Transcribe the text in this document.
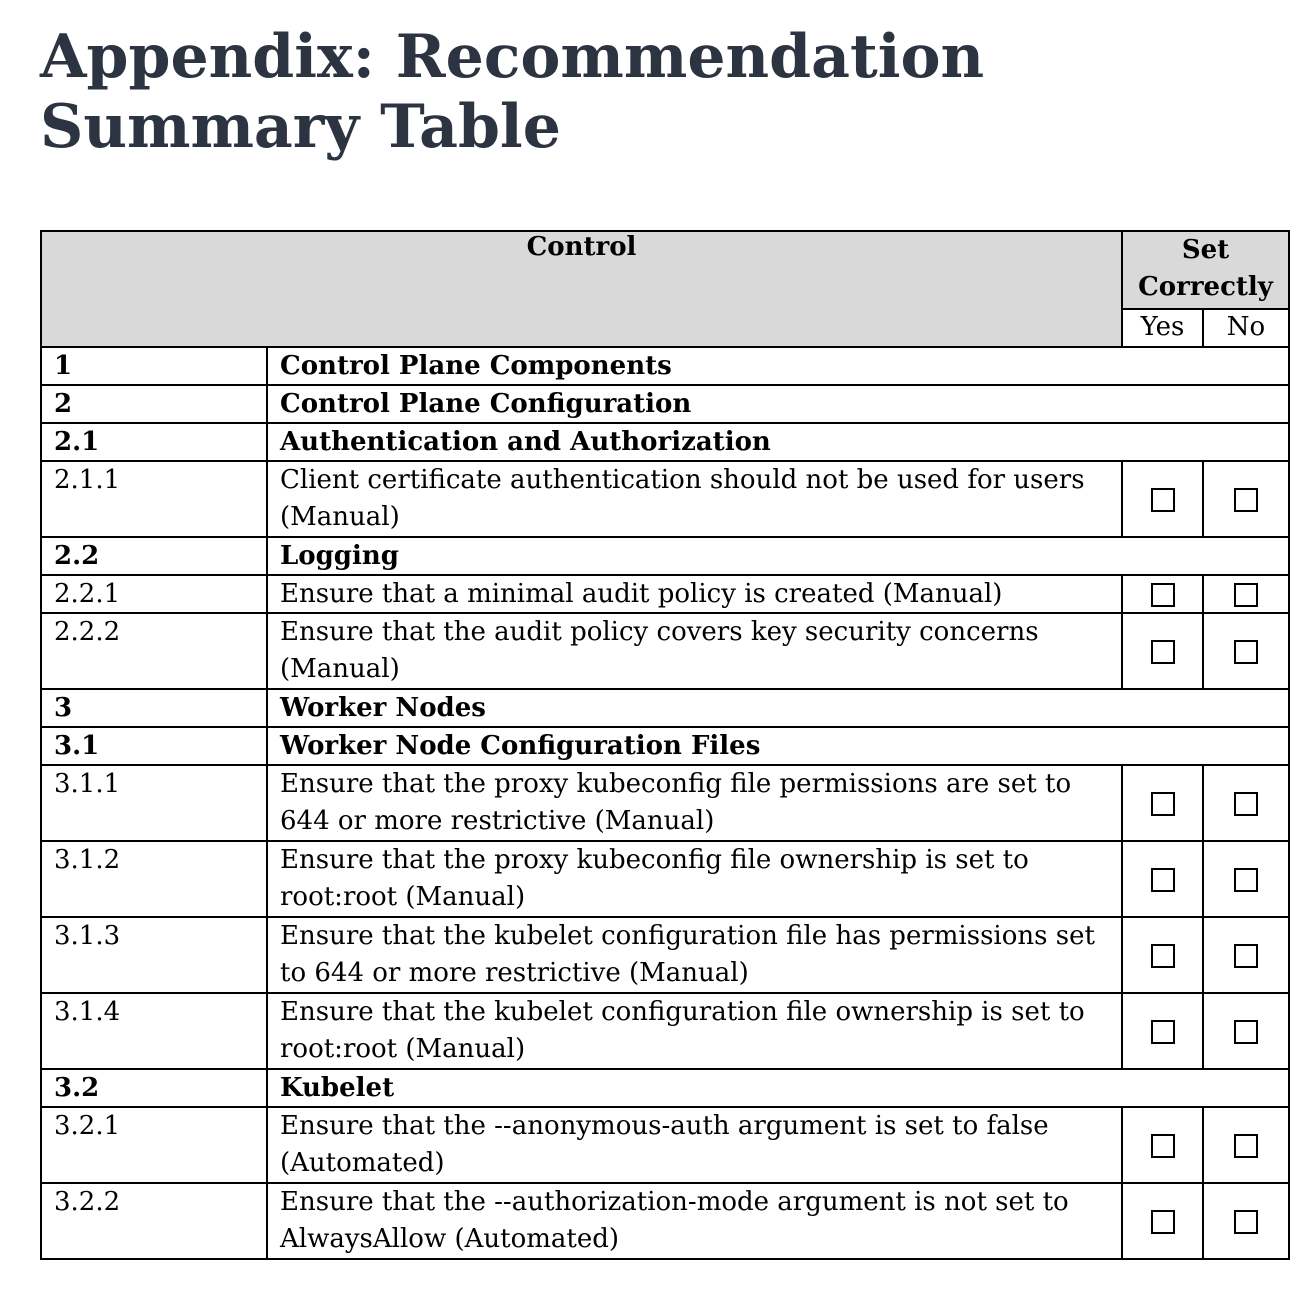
Appendix: Recommendation Summary Table
Control		Set Correctly	
		Yes	No
1	Control Plane Components		
2	Control Plane Configuration		
2.1	Authentication and Authorization		
2.1.1	Client certificate authentication should not be used for users (Manual)		
2.2	Logging		
2.2.1	Ensure that a minimal audit policy is created (Manual)		
2.2.2	Ensure that the audit policy covers key security concerns (Manual)		
3	Worker Nodes		
3.1	Worker Node Configuration Files		
3.1.1	Ensure that the proxy kubeconfig file permissions are set to 644 or more restrictive (Manual)		
3.1.2	Ensure that the proxy kubeconfig file ownership is set to root:root (Manual)		
3.1.3	Ensure that the kubelet configuration file has permissions set to 644 or more restrictive (Manual)		
3.1.4	Ensure that the kubelet configuration file ownership is set to root:root (Manual)		
3.2	Kubelet		
3.2.1	Ensure that the --anonymous-auth argument is set to false (Automated)		
3.2.2	Ensure that the --authorization-mode argument is not set to AlwaysAllow (Automated)		
